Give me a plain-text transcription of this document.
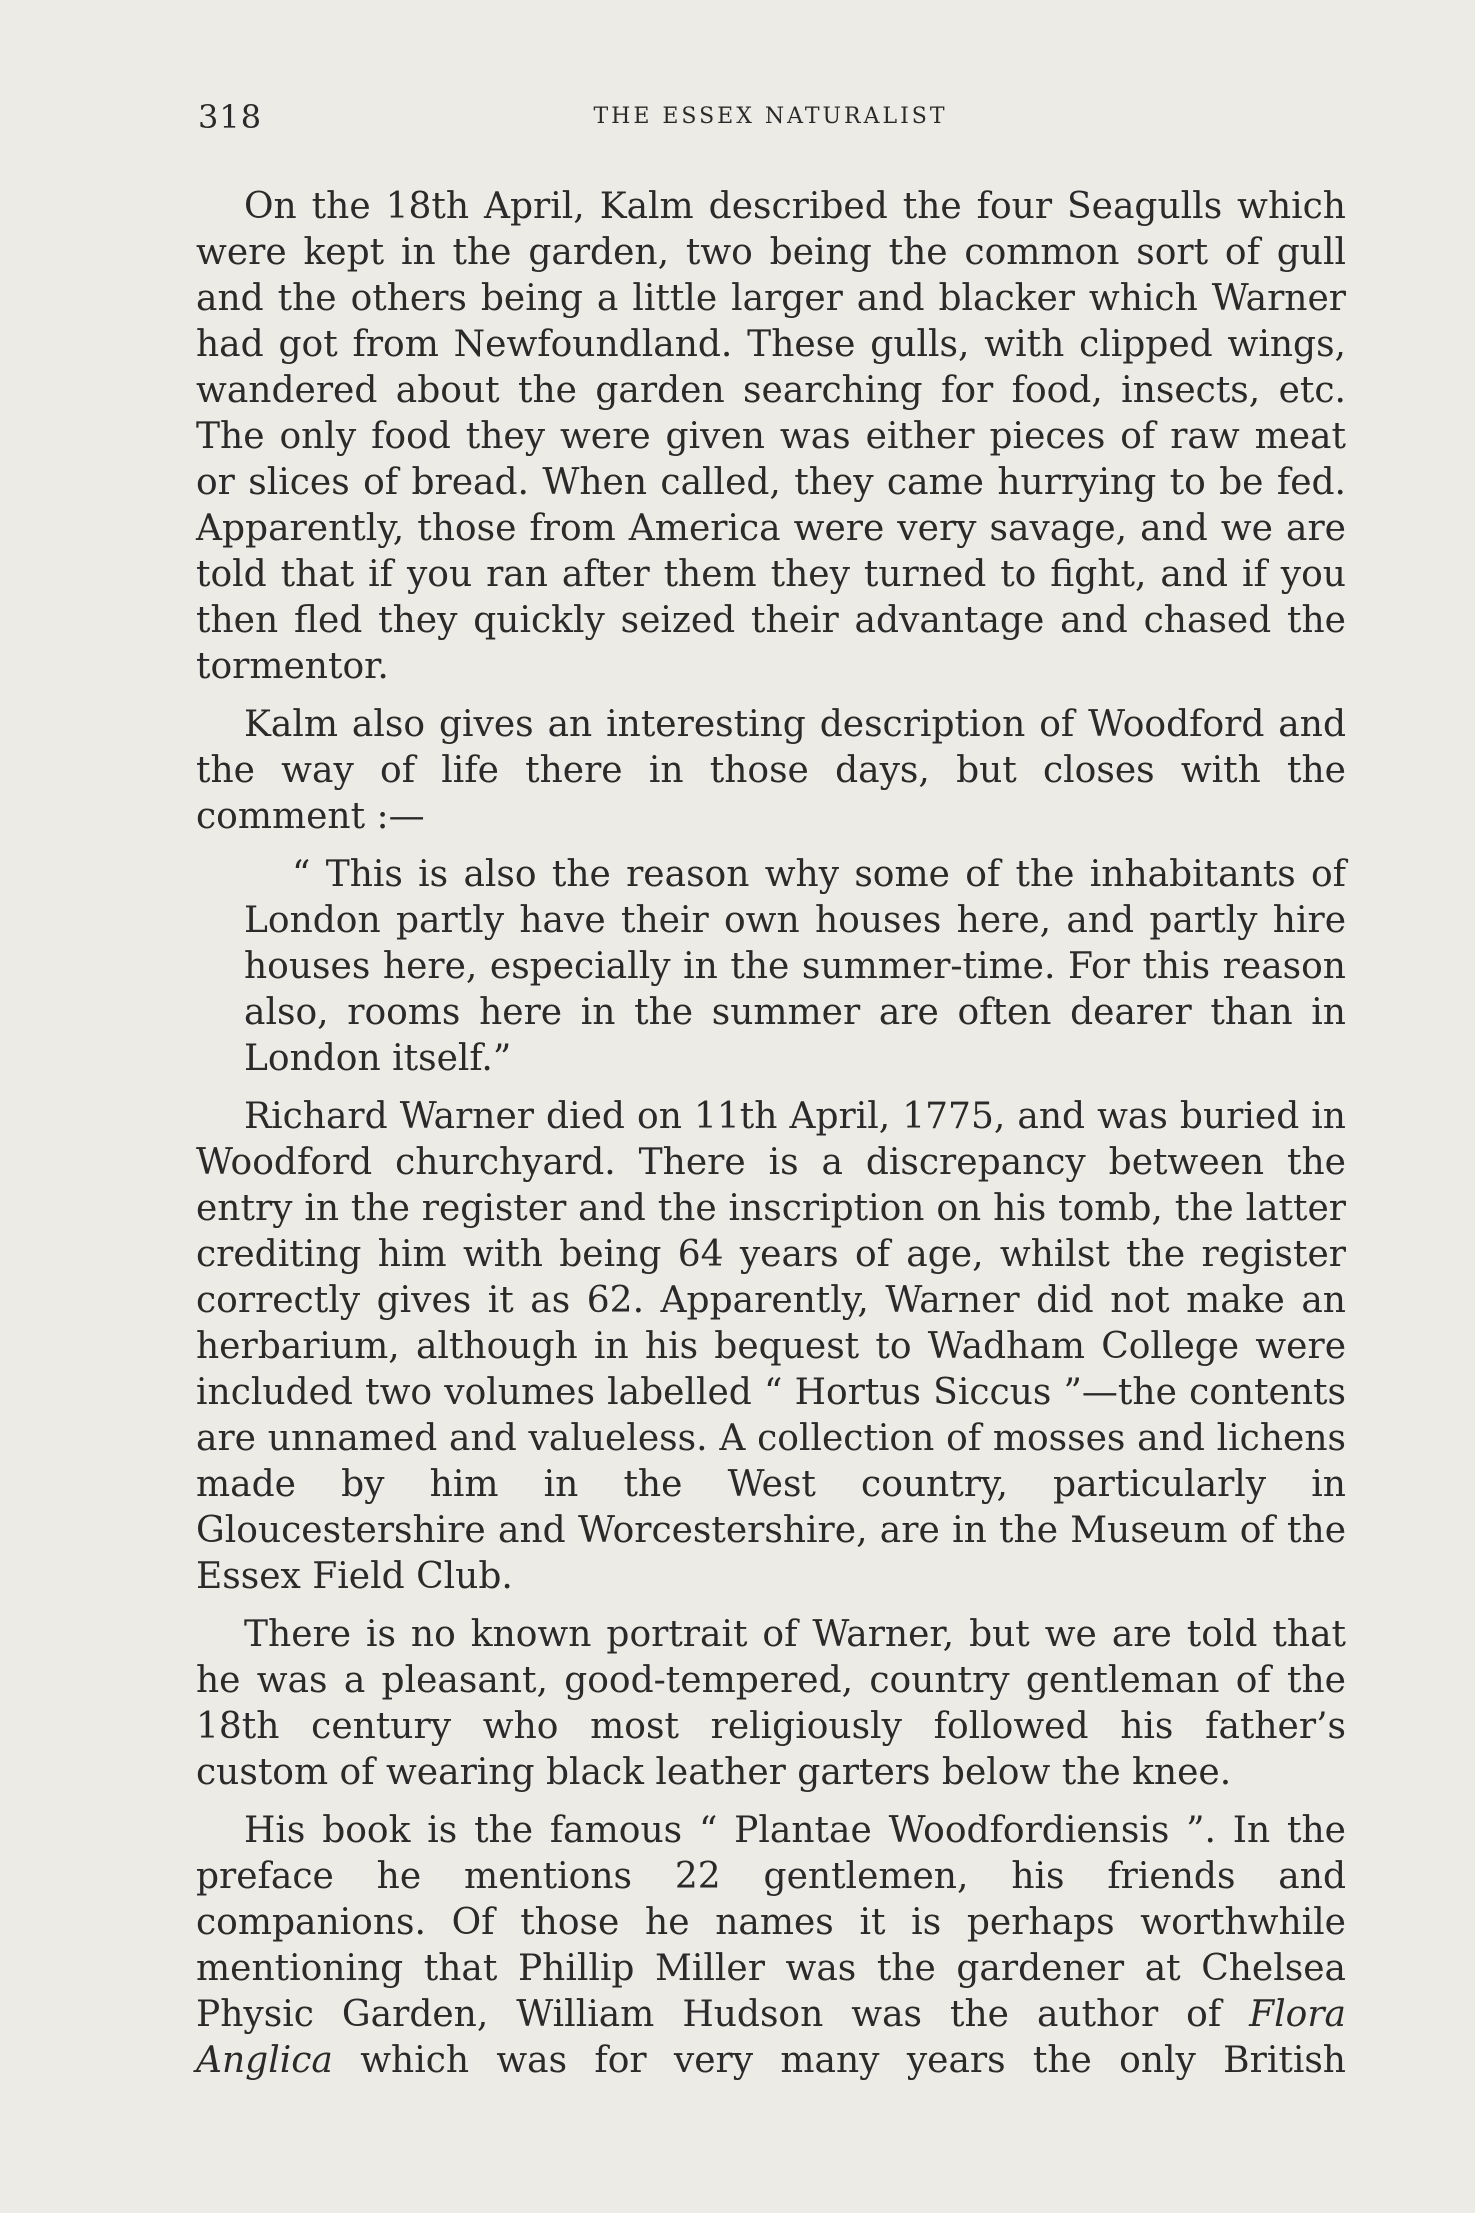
318	THE ESSEX NATURALIST

On the 18th April, Kalm described the four Seagulls which were kept in the garden, two being the common sort of gull and the others being a little larger and blacker which Warner had got from Newfoundland. These gulls, with clipped wings, wandered about the garden searching for food, insects, etc. The only food they were given was either pieces of raw meat or slices of bread. When called, they came hurrying to be fed. Apparently, those from America were very savage, and we are told that if you ran after them they turned to fight, and if you then fled they quickly seized their advantage and chased the tormentor.

Kalm also gives an interesting description of Woodford and the way of life there in those days, but closes with the comment :—

“ This is also the reason why some of the inhabitants of London partly have their own houses here, and partly hire houses here, especially in the summer-time. For this reason also, rooms here in the summer are often dearer than in London itself.”

Richard Warner died on 11th April, 1775, and was buried in Woodford churchyard. There is a discrepancy between the entry in the register and the inscription on his tomb, the latter crediting him with being 64 years of age, whilst the register correctly gives it as 62. Apparently, Warner did not make an herbarium, although in his bequest to Wadham College were included two volumes labelled “ Hortus Siccus ”—the contents are unnamed and valueless. A collection of mosses and lichens made by him in the West country, particularly in Gloucestershire and Worcestershire, are in the Museum of the Essex Field Club.

There is no known portrait of Warner, but we are told that he was a pleasant, good-tempered, country gentleman of the 18th century who most religiously followed his father’s custom of wearing black leather garters below the knee.

His book is the famous “ Plantae Woodfordiensis ”. In the preface he mentions 22 gentlemen, his friends and companions. Of those he names it is perhaps worthwhile mentioning that Phillip Miller was the gardener at Chelsea Physic Garden, William Hudson was the author of Flora Anglica which was for very many years the only British
